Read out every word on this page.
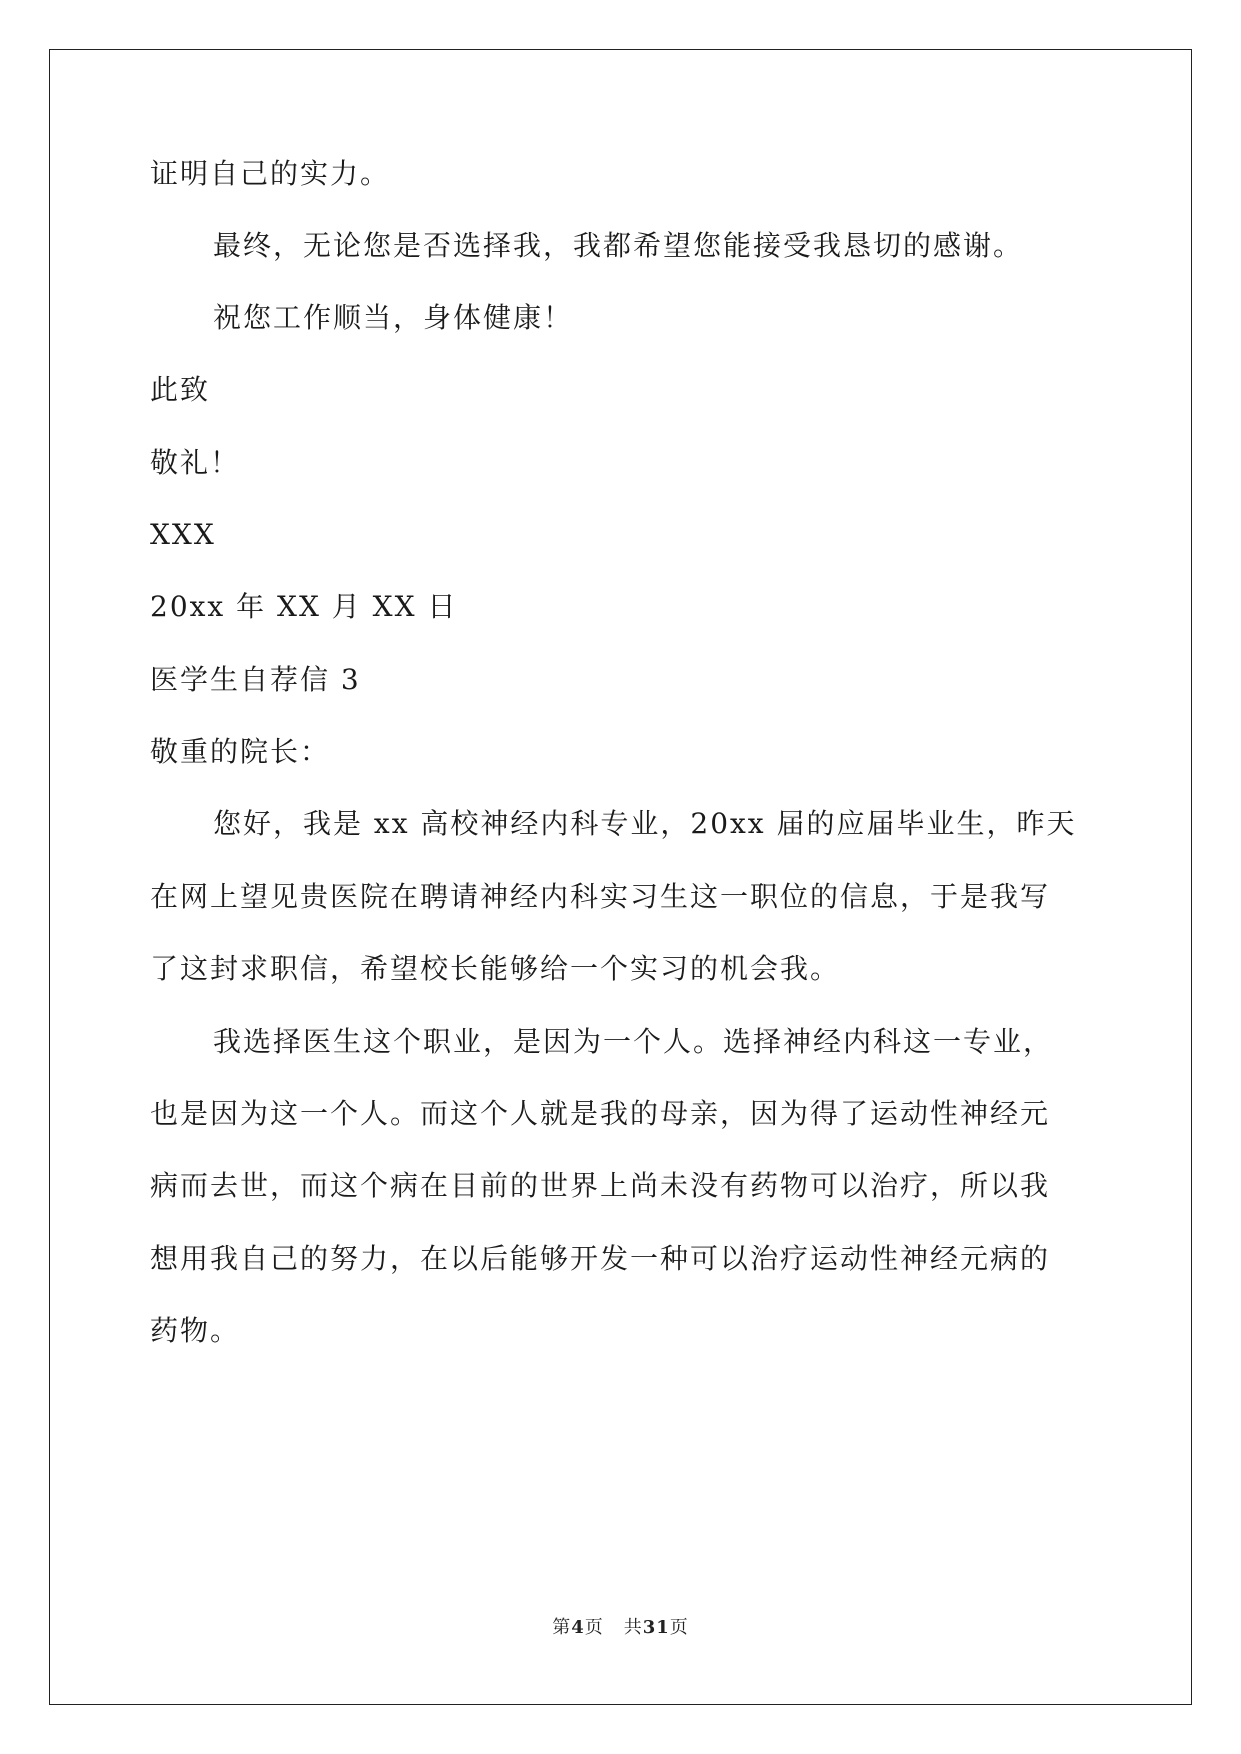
证明自己的实力。
最终，无论您是否选择我，我都希望您能接受我恳切的感谢。
祝您工作顺当，身体健康！
此致
敬礼！
XXX
20xx 年 XX 月 XX 日
医学生自荐信 3
敬重的院长：
您好，我是 xx 高校神经内科专业，20xx 届的应届毕业生，昨天
在网上望见贵医院在聘请神经内科实习生这一职位的信息，于是我写
了这封求职信，希望校长能够给一个实习的机会我。
我选择医生这个职业，是因为一个人。选择神经内科这一专业，
也是因为这一个人。而这个人就是我的母亲，因为得了运动性神经元
病而去世，而这个病在目前的世界上尚未没有药物可以治疗，所以我
想用我自己的努力，在以后能够开发一种可以治疗运动性神经元病的
药物。
第4页 共31页
